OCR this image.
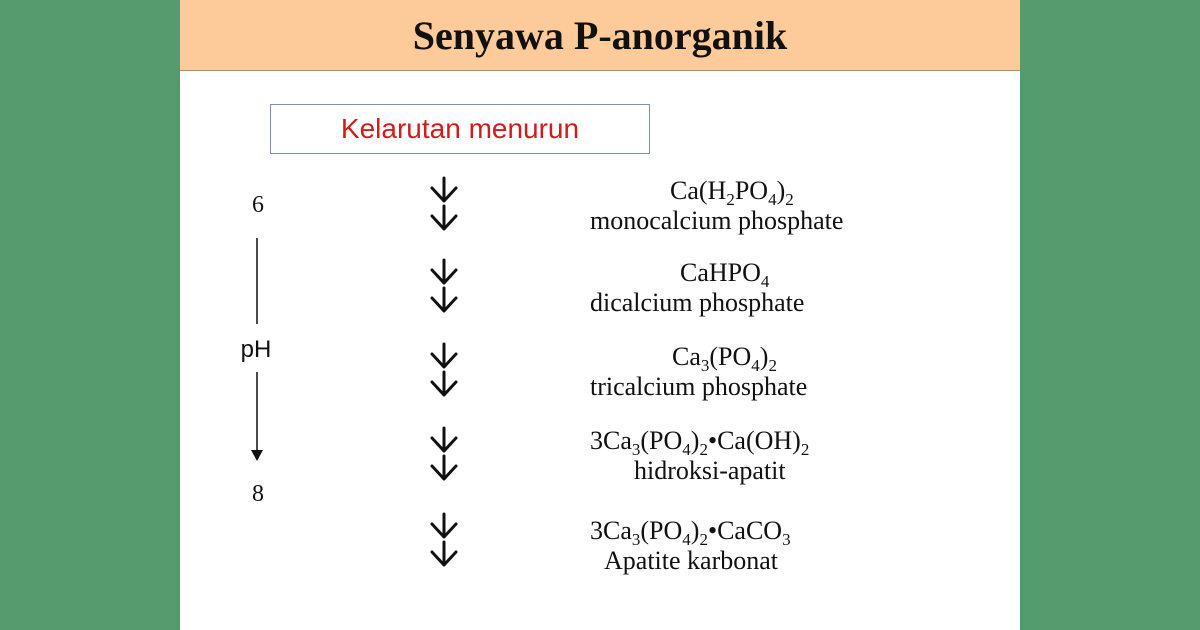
Senyawa P-anorganik
Kelarutan menurun
6
pH
8
$Ca(H_2PO_4)_2$
monocalcium phosphate
CaHPO$_4$
dicalcium phosphate
$Ca_3(PO_4)_2$
tricalcium phosphate
$3Ca_3(PO_4)_2•Ca(OH)_2$
hidroksi-apatit
$3Ca_3(PO_4)_2•CaCO_3$
Apatite karbonat
